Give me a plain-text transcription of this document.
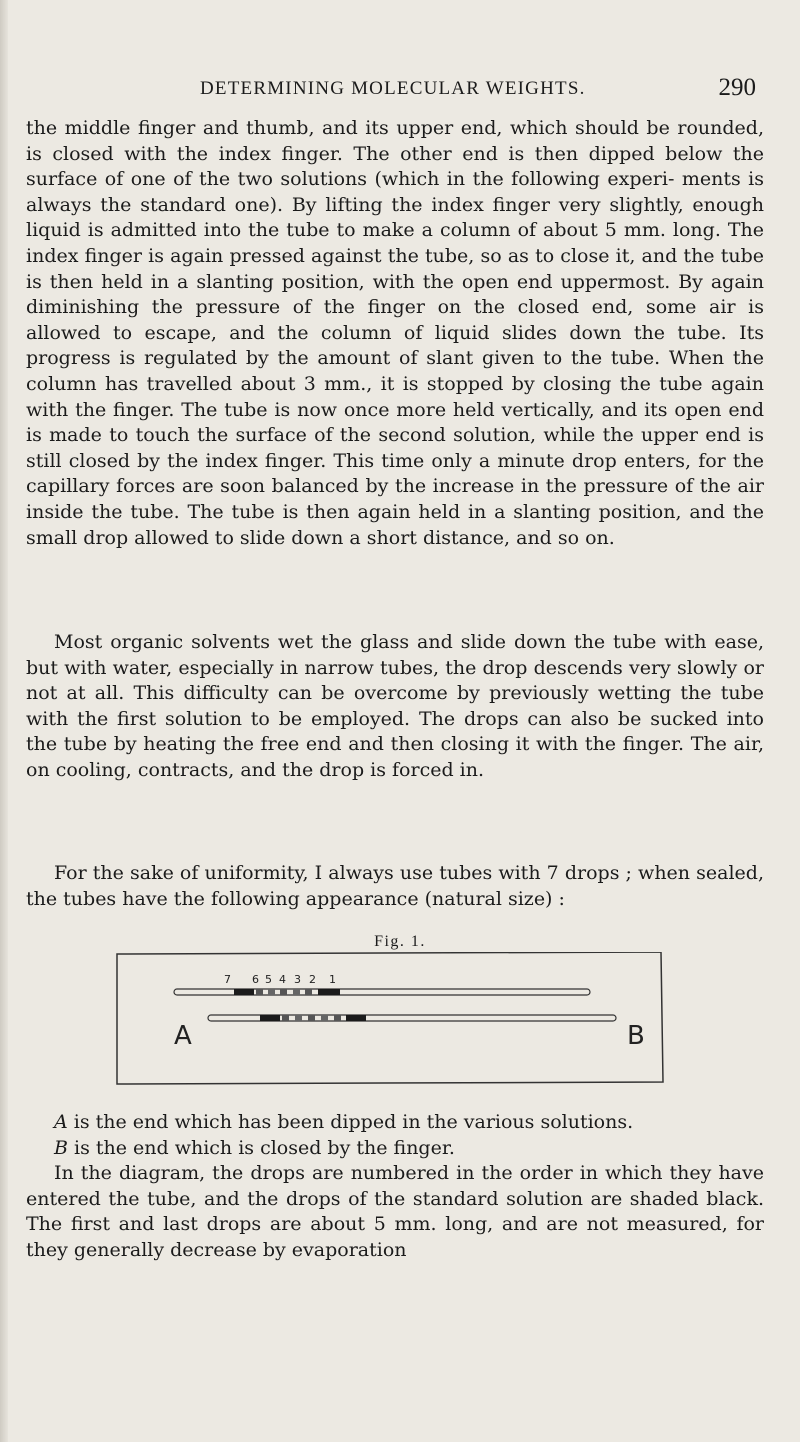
DETERMINING MOLECULAR WEIGHTS.	290

the middle finger and thumb, and its upper end, which should be rounded, is closed with the index finger. The other end is then dipped below the surface of one of the two solutions (which in the following experi- ments is always the standard one). By lifting the index finger very slightly, enough liquid is admitted into the tube to make a column of about 5 mm. long. The index finger is again pressed against the tube, so as to close it, and the tube is then held in a slanting position, with the open end uppermost. By again diminishing the pressure of the finger on the closed end, some air is allowed to escape, and the column of liquid slides down the tube. Its progress is regulated by the amount of slant given to the tube. When the column has travelled about 3 mm., it is stopped by closing the tube again with the finger. The tube is now once more held vertically, and its open end is made to touch the surface of the second solution, while the upper end is still closed by the index finger. This time only a minute drop enters, for the capillary forces are soon balanced by the increase in the pressure of the air inside the tube. The tube is then again held in a slanting position, and the small drop allowed to slide down a short distance, and so on.

Most organic solvents wet the glass and slide down the tube with ease, but with water, especially in narrow tubes, the drop descends very slowly or not at all. This difficulty can be overcome by previously wetting the tube with the first solution to be employed. The drops can also be sucked into the tube by heating the free end and then closing it with the finger. The air, on cooling, contracts, and the drop is forced in.

For the sake of uniformity, I always use tubes with 7 drops ; when sealed, the tubes have the following appearance (natural size) :

Fig. 1.
7 6 5 4 3 2 1
A	B

A is the end which has been dipped in the various solutions.

B is the end which is closed by the finger.

In the diagram, the drops are numbered in the order in which they have entered the tube, and the drops of the standard solution are shaded black. The first and last drops are about 5 mm. long, and are not measured, for they generally decrease by evaporation
